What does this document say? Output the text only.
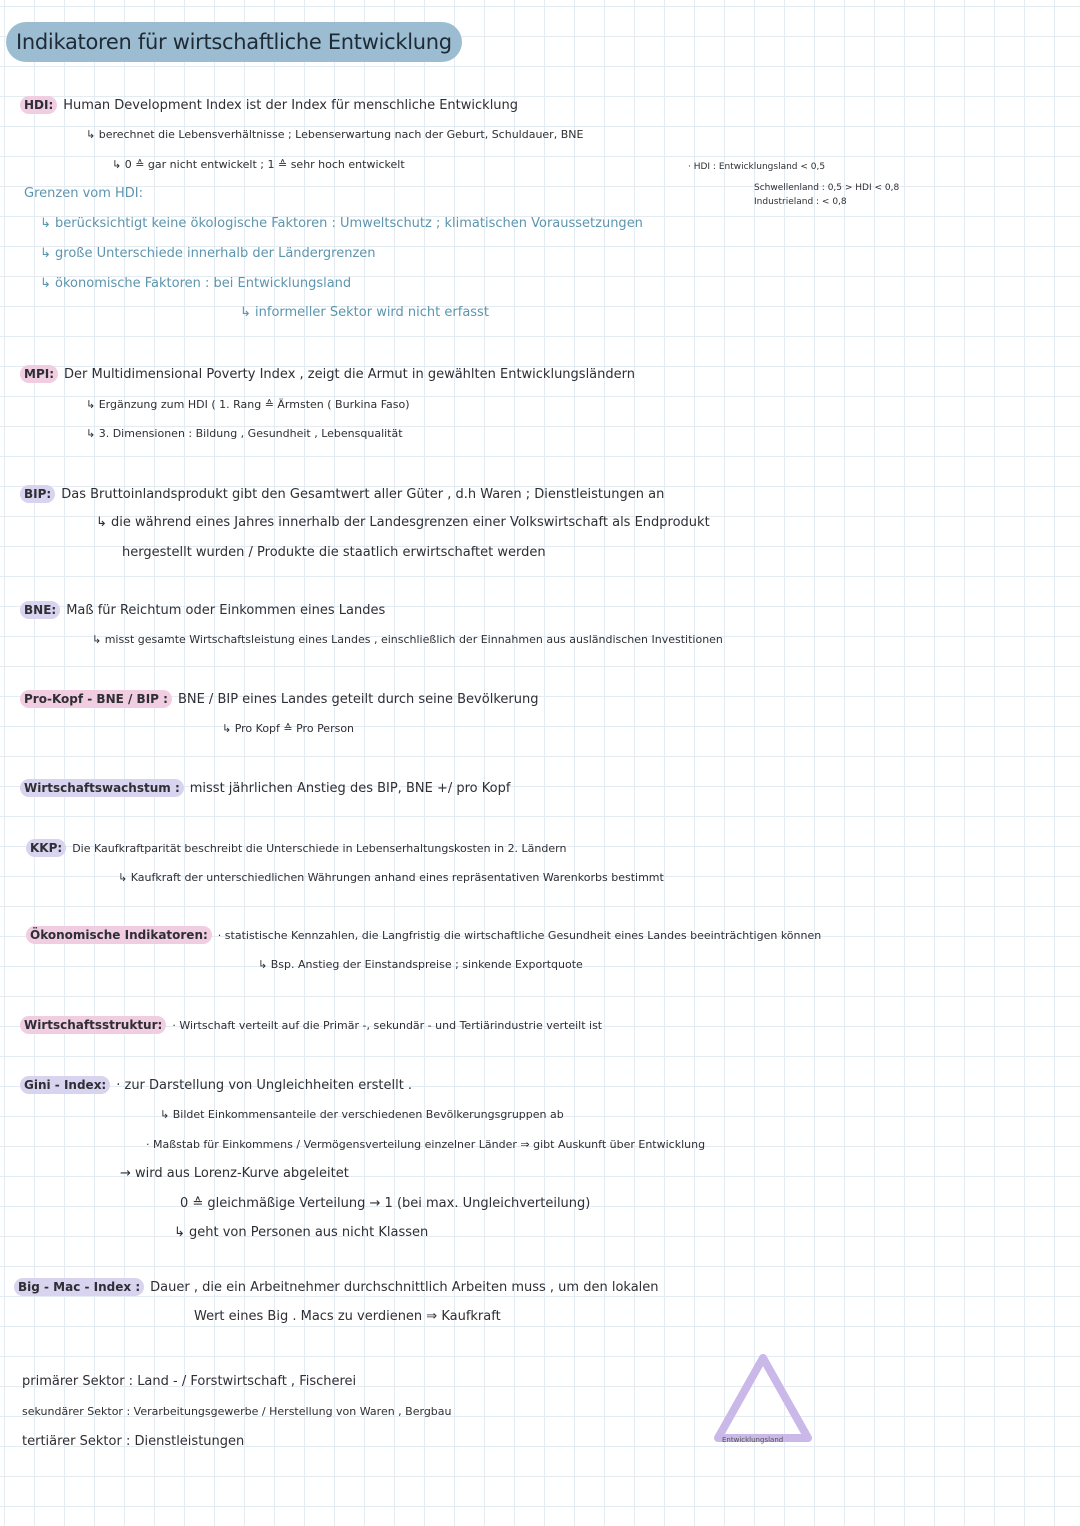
Indikatoren für wirtschaftliche Entwicklung
HDI: Human Development Index ist der Index für menschliche Entwicklung
↳ berechnet die Lebensverhältnisse ; Lebenserwartung nach der Geburt, Schuldauer, BNE
↳ 0 ≙ gar nicht entwickelt ; 1 ≙ sehr hoch entwickelt	· HDI : Entwicklungsland < 0,5
Schwellenland : 0,5 > HDI < 0,8
Industrieland : < 0,8
Grenzen vom HDI:
↳ berücksichtigt keine ökologische Faktoren : Umweltschutz ; klimatischen Voraussetzungen
↳ große Unterschiede innerhalb der Ländergrenzen
↳ ökonomische Faktoren : bei Entwicklungsland
↳ informeller Sektor wird nicht erfasst
MPI: Der Multidimensional Poverty Index , zeigt die Armut in gewählten Entwicklungsländern
↳ Ergänzung zum HDI ( 1. Rang ≙ Ärmsten ( Burkina Faso)
↳ 3. Dimensionen : Bildung , Gesundheit , Lebensqualität
BIP: Das Bruttoinlandsprodukt gibt den Gesamtwert aller Güter , d.h Waren ; Dienstleistungen an
↳ die während eines Jahres innerhalb der Landesgrenzen einer Volkswirtschaft als Endprodukt
hergestellt wurden / Produkte die staatlich erwirtschaftet werden
BNE: Maß für Reichtum oder Einkommen eines Landes
↳ misst gesamte Wirtschaftsleistung eines Landes , einschließlich der Einnahmen aus ausländischen Investitionen
Pro-Kopf - BNE / BIP : BNE / BIP eines Landes geteilt durch seine Bevölkerung
↳ Pro Kopf ≙ Pro Person
Wirtschaftswachstum : misst jährlichen Anstieg des BIP, BNE +/ pro Kopf
KKP: Die Kaufkraftparität beschreibt die Unterschiede in Lebenserhaltungskosten in 2. Ländern
↳ Kaufkraft der unterschiedlichen Währungen anhand eines repräsentativen Warenkorbs bestimmt
Ökonomische Indikatoren: · statistische Kennzahlen, die Langfristig die wirtschaftliche Gesundheit eines Landes beeinträchtigen können
↳ Bsp. Anstieg der Einstandspreise ; sinkende Exportquote
Wirtschaftsstruktur: · Wirtschaft verteilt auf die Primär -, sekundär - und Tertiärindustrie verteilt ist
Gini - Index: · zur Darstellung von Ungleichheiten erstellt .
↳ Bildet Einkommensanteile der verschiedenen Bevölkerungsgruppen ab
· Maßstab für Einkommens / Vermögensverteilung einzelner Länder ⇒ gibt Auskunft über Entwicklung
→ wird aus Lorenz-Kurve abgeleitet
0 ≙ gleichmäßige Verteilung → 1 (bei max. Ungleichverteilung)
↳ geht von Personen aus nicht Klassen
Big - Mac - Index : Dauer , die ein Arbeitnehmer durchschnittlich Arbeiten muss , um den lokalen
Wert eines Big . Macs zu verdienen ⇒ Kaufkraft
primärer Sektor : Land - / Forstwirtschaft , Fischerei
sekundärer Sektor : Verarbeitungsgewerbe / Herstellung von Waren , Bergbau
tertiärer Sektor : Dienstleistungen	Entwicklungsland
